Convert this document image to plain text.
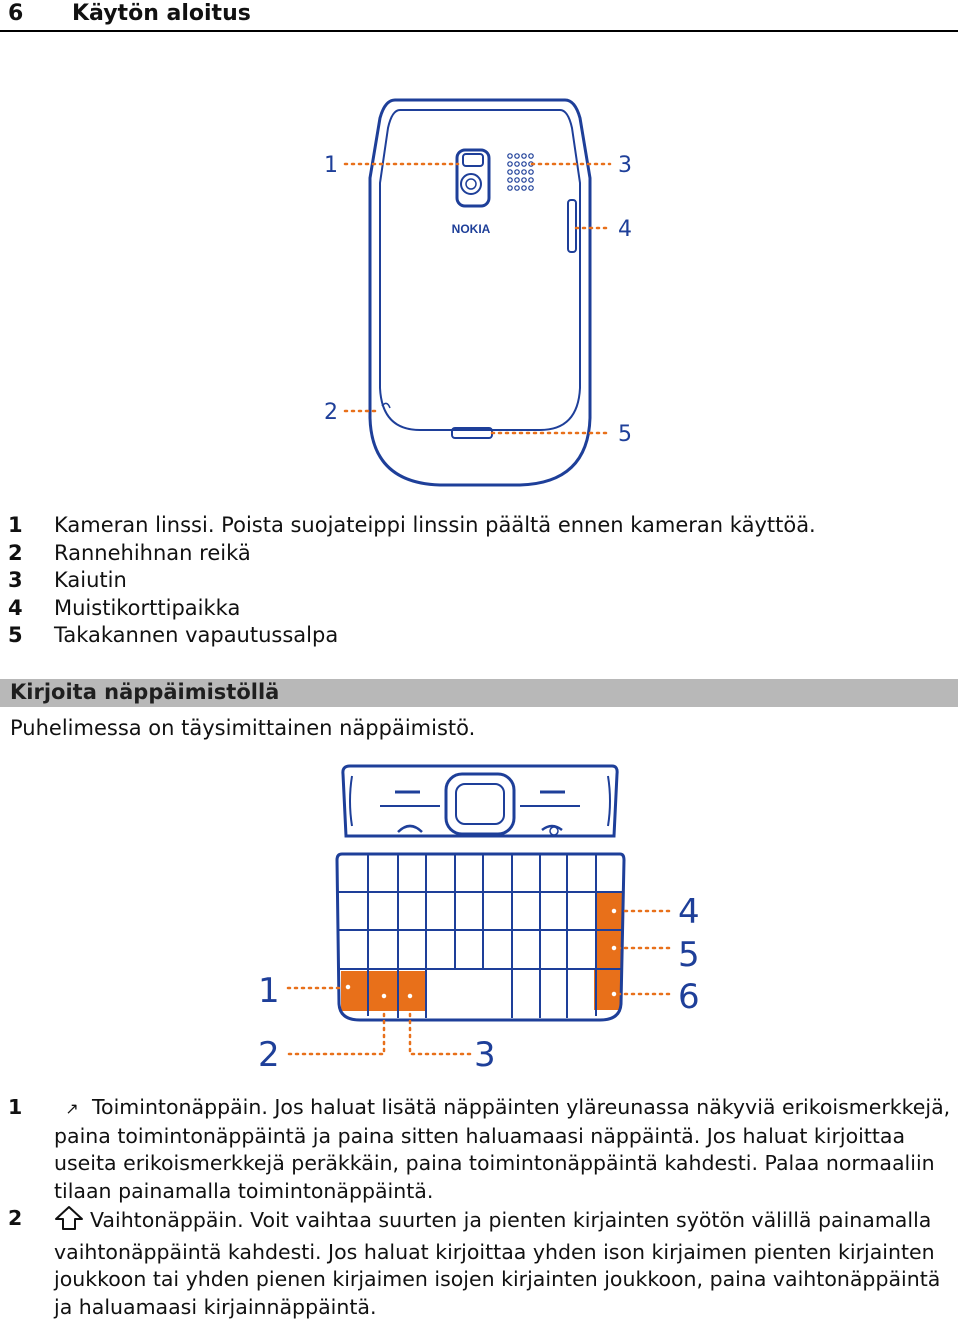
6 Käytön aloitus
NOKIA
1
2
3
4
5
1	Kameran linssi. Poista suojateippi linssin päältä ennen kameran käyttöä.
2	Rannehihnan reikä
3	Kaiutin
4	Muistikorttipaikka
5	Takakannen vapautussalpa
Kirjoita näppäimistöllä
Puhelimessa on täysimittainen näppäimistö.
1
2	3
4
5
6
1	↗ Toimintonäppäin. Jos haluat lisätä näppäinten yläreunassa näkyviä erikoismerkkejä, paina toimintonäppäintä ja paina sitten haluamaasi näppäintä. Jos haluat kirjoittaa useita erikoismerkkejä peräkkäin, paina toimintonäppäintä kahdesti. Palaa normaaliin tilaan painamalla toimintonäppäintä.
2	Vaihtonäppäin. Voit vaihtaa suurten ja pienten kirjainten syötön välillä painamalla vaihtonäppäintä kahdesti. Jos haluat kirjoittaa yhden ison kirjaimen pienten kirjainten joukkoon tai yhden pienen kirjaimen isojen kirjainten joukkoon, paina vaihtonäppäintä ja haluamaasi kirjainnäppäintä.
